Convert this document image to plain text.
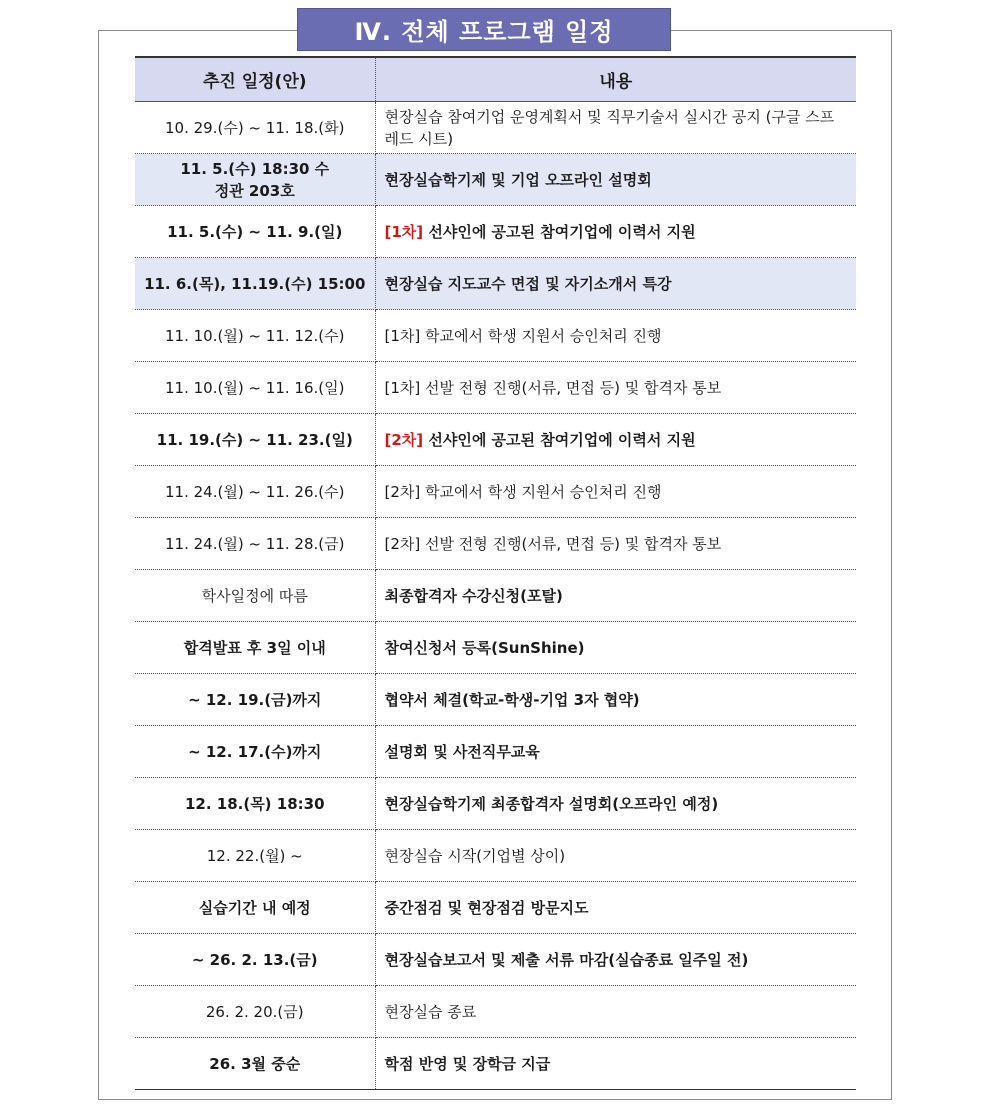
Ⅳ. 전체 프로그램 일정
추진 일정(안)	내용
10. 29.(수) ~ 11. 18.(화)	현장실습 참여기업 운영계획서 및 직무기술서 실시간 공지 (구글 스프레드 시트)
11. 5.(수) 18:30 수정관 203호	현장실습학기제 및 기업 오프라인 설명회
11. 5.(수) ~ 11. 9.(일)	[1차] 선샤인에 공고된 참여기업에 이력서 지원
11. 6.(목), 11.19.(수) 15:00	현장실습 지도교수 면접 및 자기소개서 특강
11. 10.(월) ~ 11. 12.(수)	[1차] 학교에서 학생 지원서 승인처리 진행
11. 10.(월) ~ 11. 16.(일)	[1차] 선발 전형 진행(서류, 면접 등) 및 합격자 통보
11. 19.(수) ~ 11. 23.(일)	[2차] 선샤인에 공고된 참여기업에 이력서 지원
11. 24.(월) ~ 11. 26.(수)	[2차] 학교에서 학생 지원서 승인처리 진행
11. 24.(월) ~ 11. 28.(금)	[2차] 선발 전형 진행(서류, 면접 등) 및 합격자 통보
학사일정에 따름	최종합격자 수강신청(포탈)
합격발표 후 3일 이내	참여신청서 등록(SunShine)
~ 12. 19.(금)까지	협약서 체결(학교-학생-기업 3자 협약)
~ 12. 17.(수)까지	설명회 및 사전직무교육
12. 18.(목) 18:30	현장실습학기제 최종합격자 설명회(오프라인 예정)
12. 22.(월) ~	현장실습 시작(기업별 상이)
실습기간 내 예정	중간점검 및 현장점검 방문지도
~ 26. 2. 13.(금)	현장실습보고서 및 제출 서류 마감(실습종료 일주일 전)
26. 2. 20.(금)	현장실습 종료
26. 3월 중순	학점 반영 및 장학금 지급
